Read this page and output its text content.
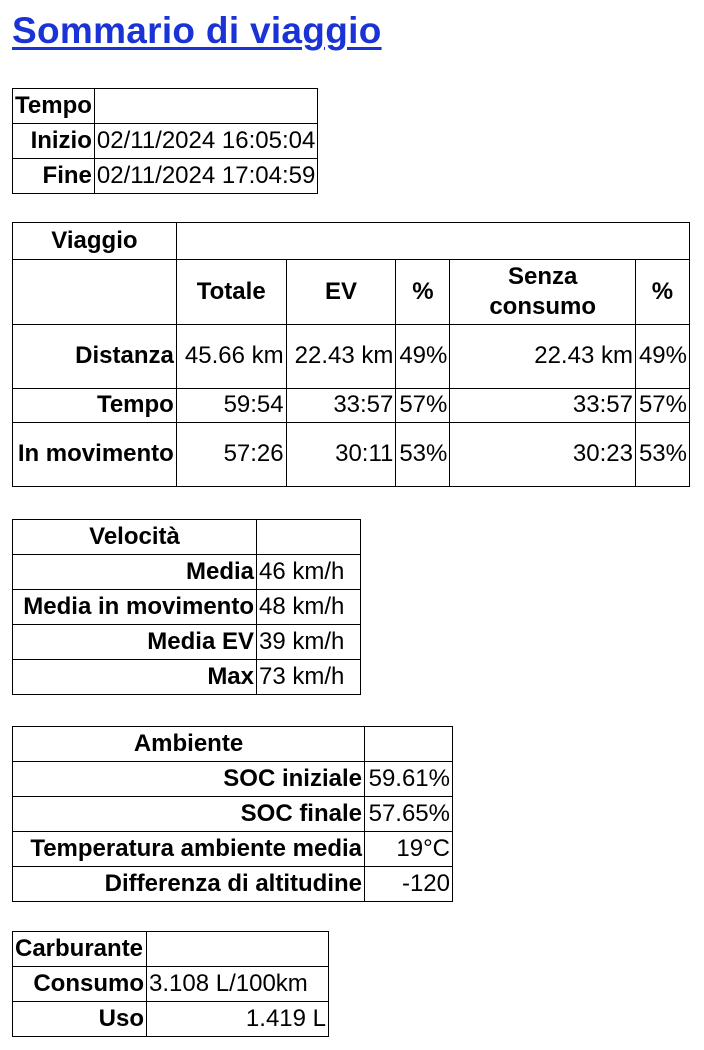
Sommario di viaggio
Tempo	
Inizio	02/11/2024 16:05:04
Fine	02/11/2024 17:04:59
Viaggio					
	Totale	EV	%	Senza consumo	%
Distanza	45.66 km	22.43 km	49%	22.43 km	49%
Tempo	59:54	33:57	57%	33:57	57%
In movimento	57:26	30:11	53%	30:23	53%
Velocità	
Media	46 km/h
Media in movimento	48 km/h
Media EV	39 km/h
Max	73 km/h
Ambiente	
SOC iniziale	59.61%
SOC finale	57.65%
Temperatura ambiente media	19°C
Differenza di altitudine	-120
Carburante	
Consumo	3.108 L/100km
Uso	1.419 L
